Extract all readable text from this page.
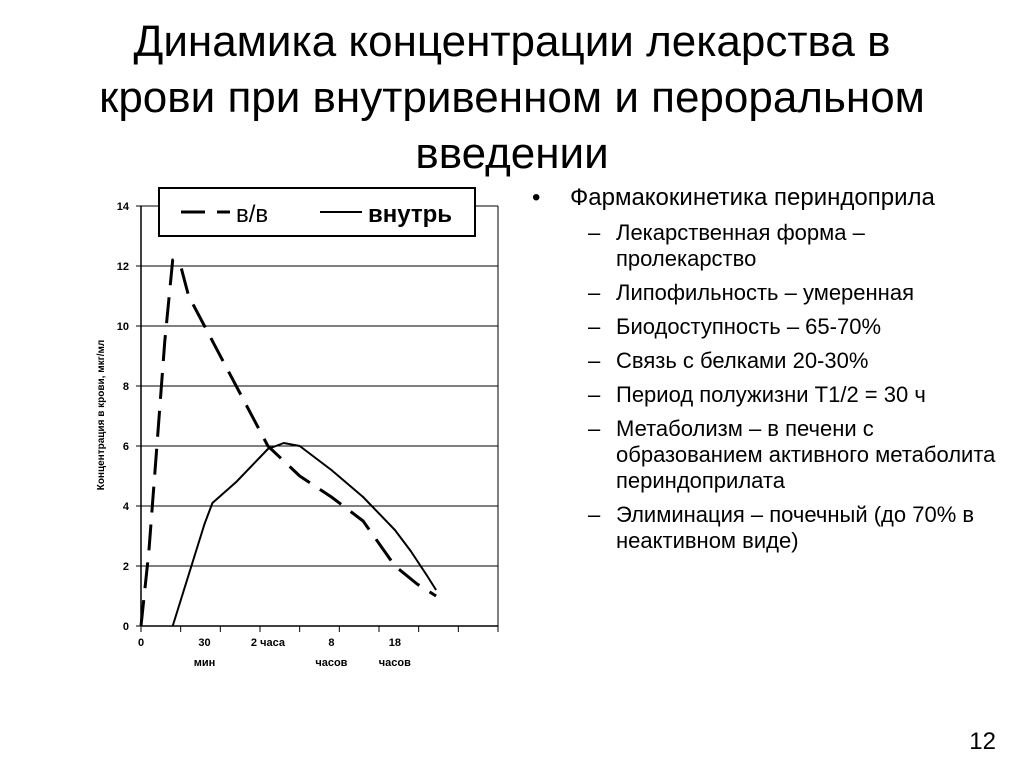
Динамика концентрации лекарства в
крови при внутривенном и пероральном
введении
0
2
4
6
8
10
12
14
0	30
мин
2 часа	8
часов
18
часов
Концентрация в крови, мкг/мл
в/в	внутрь
• Фармакокинетика периндоприла
– Лекарственная форма – пролекарство
– Липофильность – умеренная
– Биодоступность – 65-70%
– Связь с белками 20-30%
– Период полужизни Т1/2 = 30 ч
– Метаболизм – в печени с образованием активного метаболита периндоприлата
– Элиминация – почечный (до 70% в неактивном виде)
12
